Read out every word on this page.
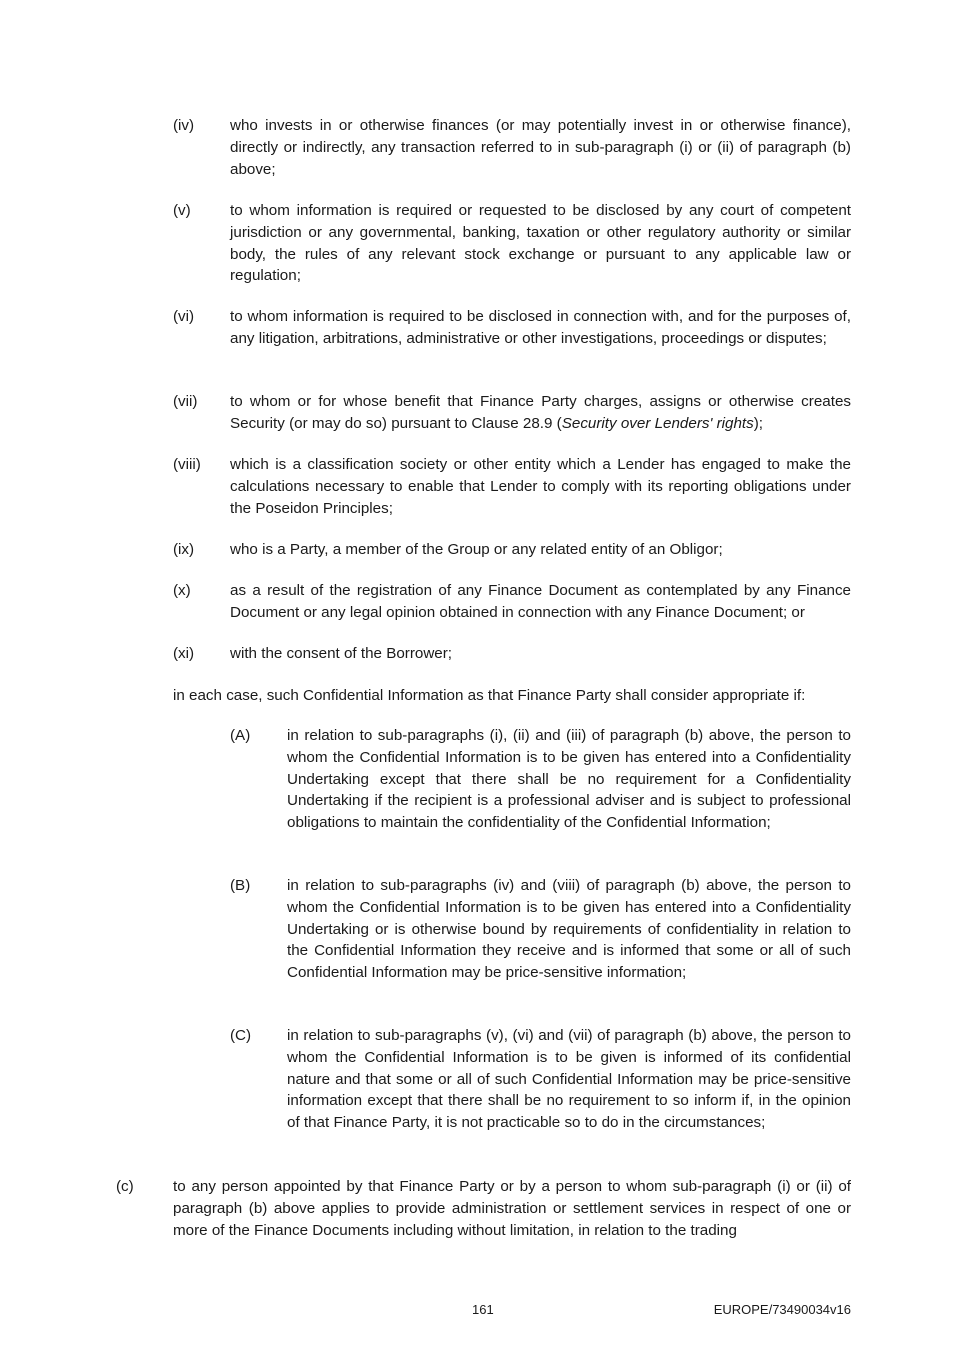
(iv) who invests in or otherwise finances (or may potentially invest in or otherwise finance), directly or indirectly, any transaction referred to in sub-paragraph (i) or (ii) of paragraph (b) above;
(v)	to whom information is required or requested to be disclosed by any court of competent jurisdiction or any governmental, banking, taxation or other regulatory authority or similar body, the rules of any relevant stock exchange or pursuant to any applicable law or regulation;
(vi) to whom information is required to be disclosed in connection with, and for the purposes of, any litigation, arbitrations, administrative or other investigations, proceedings or disputes;
(vii) to whom or for whose benefit that Finance Party charges, assigns or otherwise creates Security (or may do so) pursuant to Clause 28.9 (Security over Lenders' rights);
(viii) which is a classification society or other entity which a Lender has engaged to make the calculations necessary to enable that Lender to comply with its reporting obligations under the Poseidon Principles;
(ix) who is a Party, a member of the Group or any related entity of an Obligor;
(x)	as a result of the registration of any Finance Document as contemplated by any Finance Document or any legal opinion obtained in connection with any Finance Document; or
(xi) with the consent of the Borrower;
in each case, such Confidential Information as that Finance Party shall consider appropriate if:
(A) in relation to sub-paragraphs (i), (ii) and (iii) of paragraph (b) above, the person to whom the Confidential Information is to be given has entered into a Confidentiality Undertaking except that there shall be no requirement for a Confidentiality Undertaking if the recipient is a professional adviser and is subject to professional obligations to maintain the confidentiality of the Confidential Information;
(B) in relation to sub-paragraphs (iv) and (viii) of paragraph (b) above, the person to whom the Confidential Information is to be given has entered into a Confidentiality Undertaking or is otherwise bound by requirements of confidentiality in relation to the Confidential Information they receive and is informed that some or all of such Confidential Information may be price-sensitive information;
(C) in relation to sub-paragraphs (v), (vi) and (vii) of paragraph (b) above, the person to whom the Confidential Information is to be given is informed of its confidential nature and that some or all of such Confidential Information may be price-sensitive information except that there shall be no requirement to so inform if, in the opinion of that Finance Party, it is not practicable so to do in the circumstances;
(c)	to any person appointed by that Finance Party or by a person to whom sub-paragraph (i) or (ii) of paragraph (b) above applies to provide administration or settlement services in respect of one or more of the Finance Documents including without limitation, in relation to the trading
161	EUROPE/73490034v16
